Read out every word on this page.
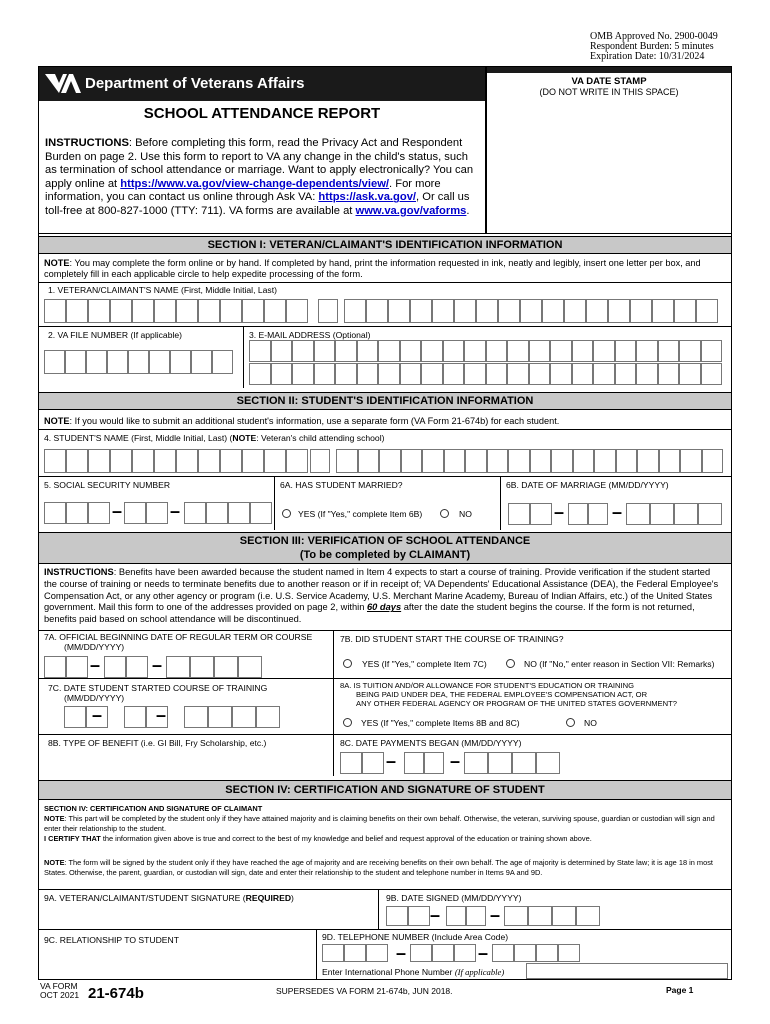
OMB Approved No. 2900-0049
Respondent Burden: 5 minutes
Expiration Date: 10/31/2024
Department of Veterans Affairs
SCHOOL ATTENDANCE REPORT
INSTRUCTIONS: Before completing this form, read the Privacy Act and Respondent Burden on page 2. Use this form to report to VA any change in the child's status, such as termination of school attendance or marriage. Want to apply electronically? You can apply online at https://www.va.gov/view-change-dependents/view/. For more information, you can contact us online through Ask VA: https://ask.va.gov/, Or call us toll-free at 800-827-1000 (TTY: 711). VA forms are available at www.va.gov/vaforms.
VA DATE STAMP
(DO NOT WRITE IN THIS SPACE)
SECTION I: VETERAN/CLAIMANT'S IDENTIFICATION INFORMATION
NOTE: You may complete the form online or by hand. If completed by hand, print the information requested in ink, neatly and legibly, insert one letter per box, and completely fill in each applicable circle to help expedite processing of the form.
1. VETERAN/CLAIMANT'S NAME (First, Middle Initial, Last)
2. VA FILE NUMBER (If applicable)	3. E-MAIL ADDRESS (Optional)
SECTION II: STUDENT'S IDENTIFICATION INFORMATION
NOTE: If you would like to submit an additional student's information, use a separate form (VA Form 21-674b) for each student.
4. STUDENT'S NAME (First, Middle Initial, Last) (NOTE: Veteran's child attending school)
5. SOCIAL SECURITY NUMBER	6A. HAS STUDENT MARRIED?	6B. DATE OF MARRIAGE (MM/DD/YYYY)
YES (If "Yes," complete Item 6B)	NO
SECTION III: VERIFICATION OF SCHOOL ATTENDANCE
(To be completed by CLAIMANT)
INSTRUCTIONS: Benefits have been awarded because the student named in Item 4 expects to start a course of training. Provide verification if the student started the course of training or needs to terminate benefits due to another reason or if in receipt of; VA Dependents' Educational Assistance (DEA), the Federal Employee's Compensation Act, or any other agency or program (i.e. U.S. Service Academy, U.S. Merchant Marine Academy, Bureau of Indian Affairs, etc.) of the United States government. Mail this form to one of the addresses provided on page 2, within 60 days after the date the student begins the course. If the form is not returned, benefits paid based on school attendance will be discontinued.
7A. OFFICIAL BEGINNING DATE OF REGULAR TERM OR COURSE
(MM/DD/YYYY)
7B. DID STUDENT START THE COURSE OF TRAINING?
YES (If "Yes," complete Item 7C)	NO (If "No," enter reason in Section VII: Remarks)
7C. DATE STUDENT STARTED COURSE OF TRAINING
(MM/DD/YYYY)
8A. IS TUITION AND/OR ALLOWANCE FOR STUDENT'S EDUCATION OR TRAINING
BEING PAID UNDER DEA, THE FEDERAL EMPLOYEE'S COMPENSATION ACT, OR
ANY OTHER FEDERAL AGENCY OR PROGRAM OF THE UNITED STATES GOVERNMENT?
YES (If "Yes," complete Items 8B and 8C)	NO
8B. TYPE OF BENEFIT (i.e. GI Bill, Fry Scholarship, etc.)	8C. DATE PAYMENTS BEGAN (MM/DD/YYYY)
SECTION IV: CERTIFICATION AND SIGNATURE OF STUDENT
SECTION IV: CERTIFICATION AND SIGNATURE OF CLAIMANT
NOTE: This part will be completed by the student only if they have attained majority and is claiming benefits on their own behalf. Otherwise, the veteran, surviving spouse, guardian or custodian will sign and enter their relationship to the student.
I CERTIFY THAT the information given above is true and correct to the best of my knowledge and belief and request approval of the education or training shown above.
NOTE: The form will be signed by the student only if they have reached the age of majority and are receiving benefits on their own behalf. The age of majority is determined by State law; it is age 18 in most States. Otherwise, the parent, guardian, or custodian will sign, date and enter their relationship to the student and telephone number in Items 9A and 9D.
9A. VETERAN/CLAIMANT/STUDENT SIGNATURE (REQUIRED)	9B. DATE SIGNED (MM/DD/YYYY)
9C. RELATIONSHIP TO STUDENT	9D. TELEPHONE NUMBER (Include Area Code)
Enter International Phone Number (If applicable)
VA FORM
OCT 2021 21-674b	SUPERSEDES VA FORM 21-674b, JUN 2018.	Page 1
–	–	–	–
–	–
–	–
–	–
–	–
–	–
